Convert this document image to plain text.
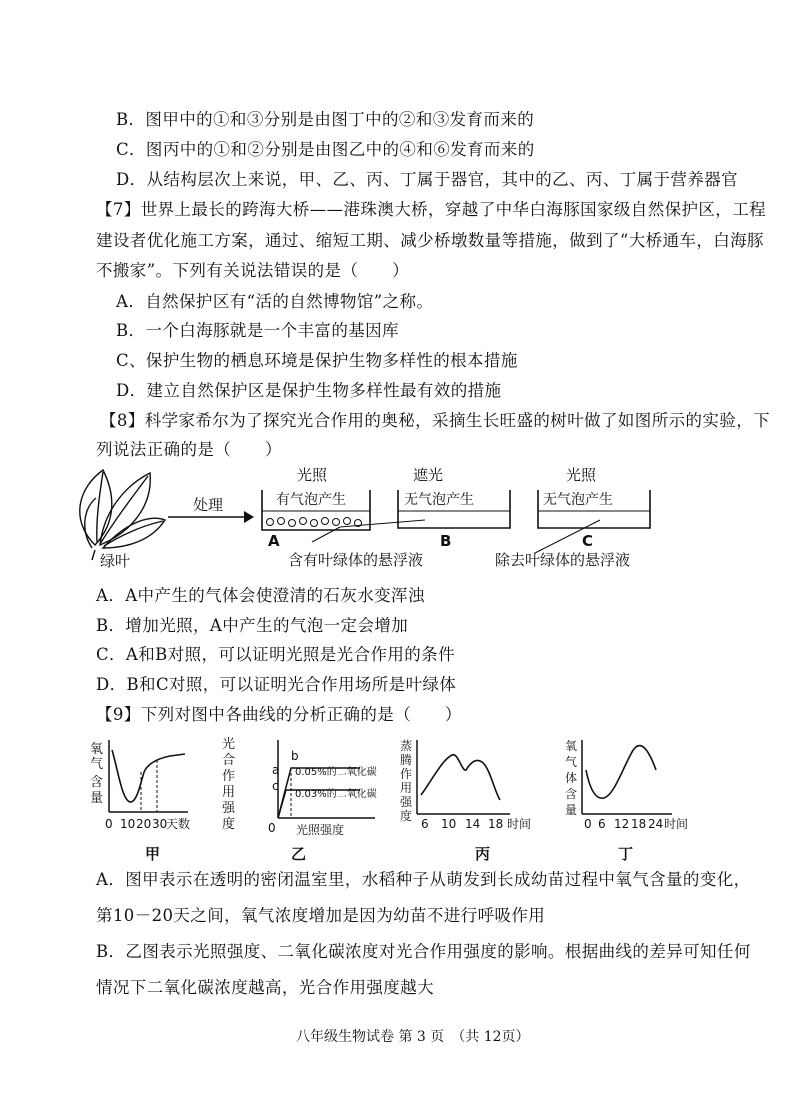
B．图甲中的①和③分别是由图丁中的②和③发育而来的
C．图丙中的①和②分别是由图乙中的④和⑥发育而来的
D．从结构层次上来说，甲、乙、丙、丁属于器官，其中的乙、丙、丁属于营养器官
【7】世界上最长的跨海大桥——港珠澳大桥，穿越了中华白海豚国家级自然保护区，工程
建设者优化施工方案，通过、缩短工期、减少桥墩数量等措施，做到了“大桥通车，白海豚
不搬家”。下列有关说法错误的是（　　）
A．自然保护区有“活的自然博物馆”之称。
B．一个白海豚就是一个丰富的基因库
C、保护生物的栖息环境是保护生物多样性的根本措施
D．建立自然保护区是保护生物多样性最有效的措施
【8】科学家希尔为了探究光合作用的奥秘，采摘生长旺盛的树叶做了如图所示的实验，下
列说法正确的是（　　）
绿叶
处理
光照
有气泡产生
A
遮光
无气泡产生
B
光照
无气泡产生
C
含有叶绿体的悬浮液	除去叶绿体的悬浮液
A．A中产生的气体会使澄清的石灰水变浑浊
B．增加光照，A中产生的气泡一定会增加
C．A和B对照，可以证明光照是光合作用的条件
D．B和C对照，可以证明光合作用场所是叶绿体
【9】下列对图中各曲线的分析正确的是（　　）
氧
气
含
量
0 10 20 30
天数
甲
光
合
作
用
强
度	0
b
a
c
0.05%的二氧化碳
0.03%的二氧化碳
光照强度
乙
蒸
腾
作
用
强
度
6 10 14 18 时间
丙
氧
气
体
含
量
0 6 12 18 24 时间
丁
A．图甲表示在透明的密闭温室里，水稻种子从萌发到长成幼苗过程中氧气含量的变化，
第10－20天之间，氧气浓度增加是因为幼苗不进行呼吸作用
B．乙图表示光照强度、二氧化碳浓度对光合作用强度的影响。根据曲线的差异可知任何
情况下二氧化碳浓度越高，光合作用强度越大
八年级生物试卷 第 3 页　（共 12页）
